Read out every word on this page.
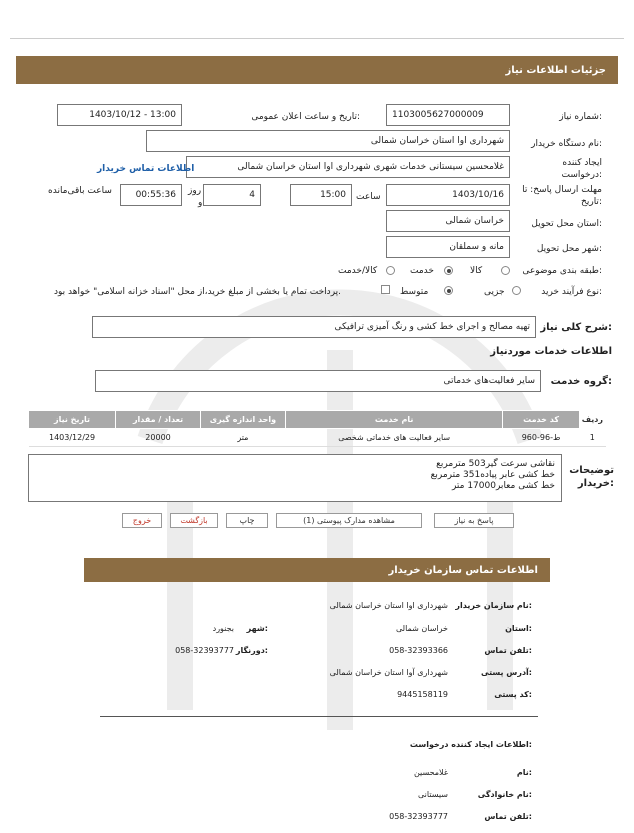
جزئیات اطلاعات نیاز
شماره نیاز:
1103005627000009
تاریخ و ساعت اعلان عمومی:
1403/10/12 - 13:00
نام دستگاه خریدار:
شهرداری اوا استان خراسان شمالی
ایجاد کننده درخواست:
غلامحسین سیستانی خدمات شهری شهرداری اوا استان خراسان شمالی
اطلاعات تماس خریدار
مهلت ارسال پاسخ: تا تاریخ:
1403/10/16
ساعت
15:00
4
روز
و
00:55:36
ساعت باقی‌مانده
استان محل تحویل:
خراسان شمالی
شهر محل تحویل:
مانه و سملقان
طبقه بندی موضوعی:
کالا
خدمت
کالا/خدمت
نوع فرآیند خرید:
جزیی
متوسط
پرداخت تمام یا بخشی از مبلغ خرید،از محل "اسناد خزانه اسلامی" خواهد بود.
شرح کلی نیاز:
تهیه مصالح و اجرای خط کشی و رنگ آمیزی ترافیکی
اطلاعات خدمات موردنیاز
گروه خدمت:
سایر فعالیت‌های خدماتی
ردیف	کد خدمت	نام خدمت	واحد اندازه گیری	تعداد / مقدار	تاریخ نیاز
1	ط-96-960	سایر فعالیت های خدماتی شخصی	متر	20000	1403/12/29
توضیحات خریدار:
نقاشی سرعت گیر503 مترمربع
خط کشی عابر پیاده351 مترمربع
خط کشی معابر17000 متر
پاسخ به نیاز
مشاهده مدارک پیوستی (1)
چاپ
بازگشت
خروج
اطلاعات تماس سازمان خریدار
نام سازمان خریدار:
شهرداری اوا استان خراسان شمالی
استان:
خراسان شمالی
شهر:
بجنورد
تلفن تماس:
058-32393366
دورنگار:
058-32393777
آدرس پستی:
شهرداری آوا استان خراسان شمالی
کد پستی:
9445158119
اطلاعات ایجاد کننده درخواست:
نام:
غلامحسین
نام خانوادگی:
سیستانی
تلفن تماس:
058-32393777
